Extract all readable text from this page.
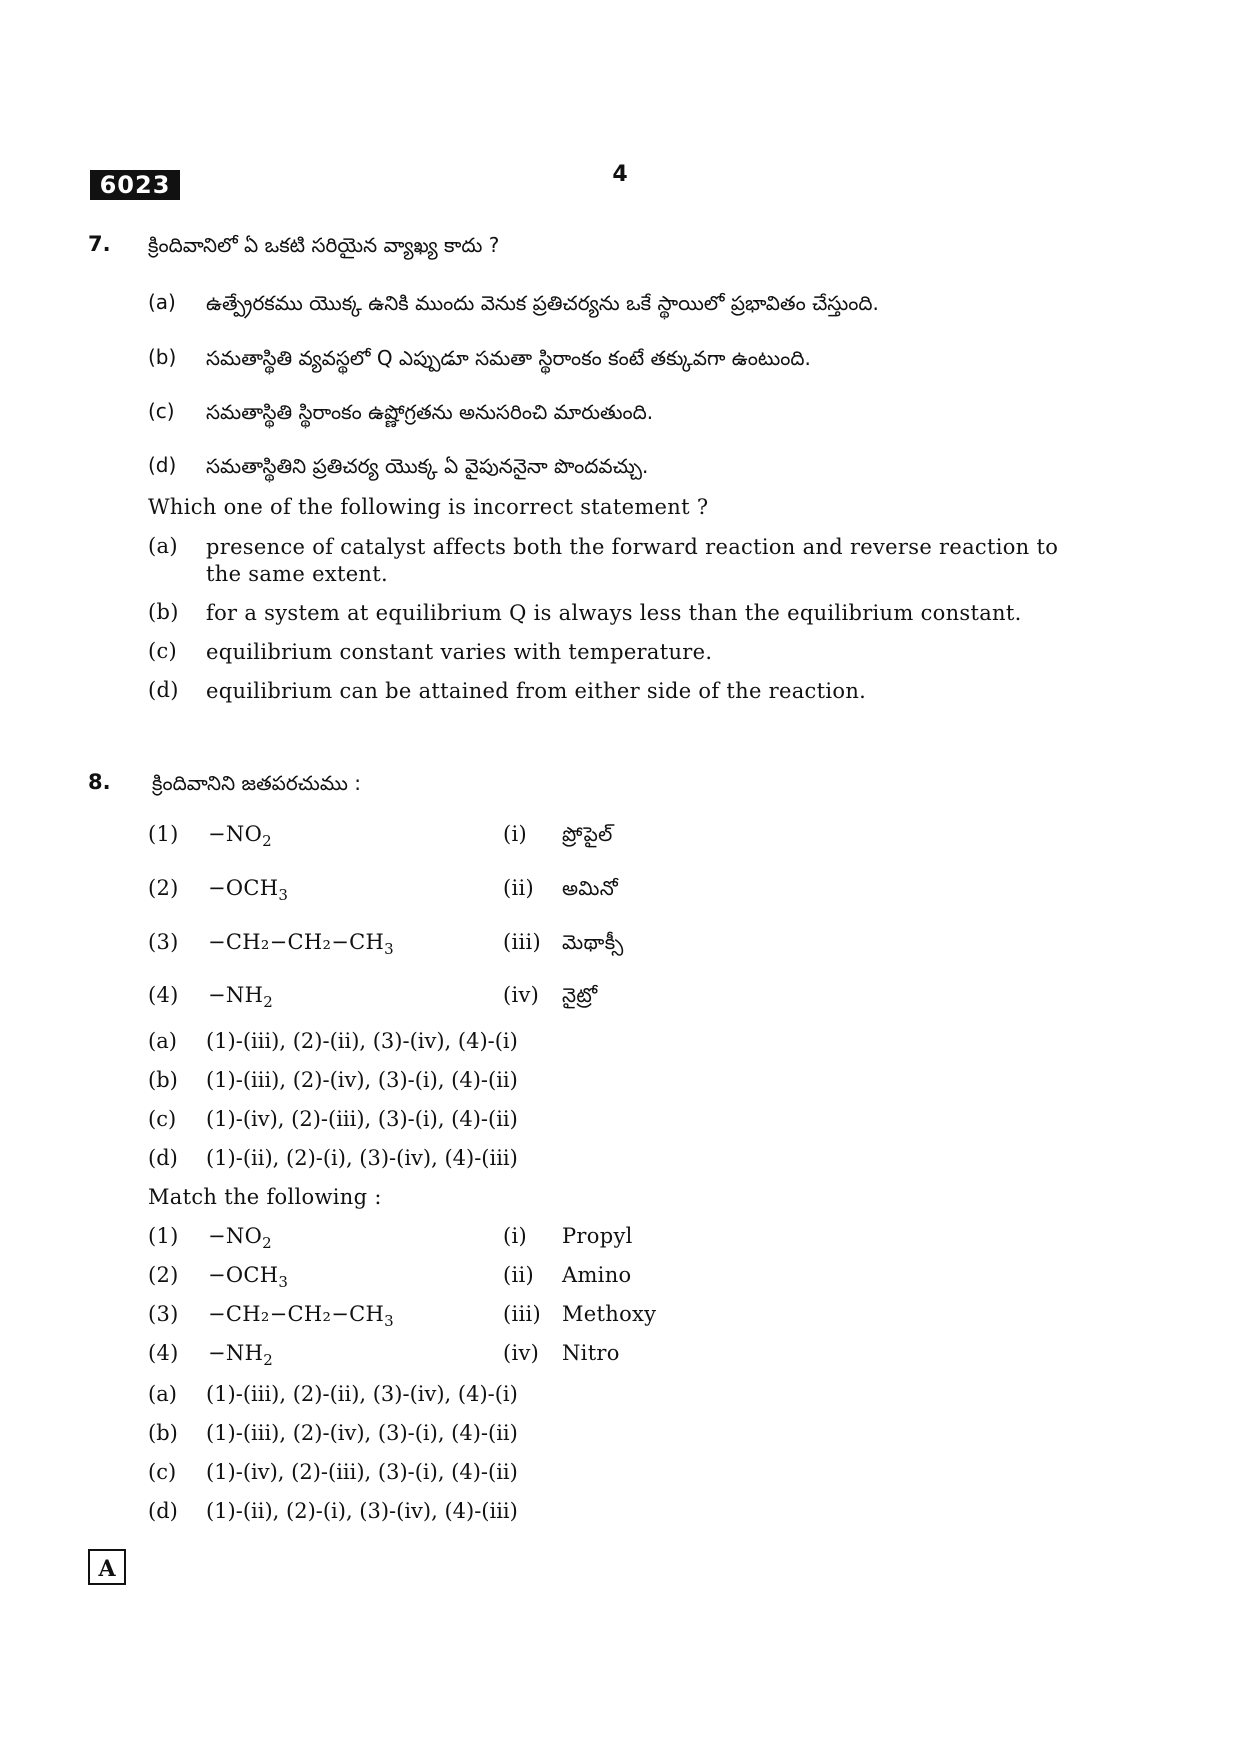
6023	4
7. క్రిందివానిలో ఏ ఒకటి సరియైన వ్యాఖ్య కాదు ?
(a)	ఉత్ప్రేరకము యొక్క ఉనికి ముందు వెనుక ప్రతిచర్యను ఒకే స్థాయిలో ప్రభావితం చేస్తుంది.
(b)	సమతాస్థితి వ్యవస్థలో Q ఎప్పుడూ సమతా స్థిరాంకం కంటే తక్కువగా ఉంటుంది.
(c)	సమతాస్థితి స్థిరాంకం ఉష్ణోగ్రతను అనుసరించి మారుతుంది.
(d)	సమతాస్థితిని ప్రతిచర్య యొక్క ఏ వైపుననైనా పొందవచ్చు.
Which one of the following is incorrect statement ?
(a)	presence of catalyst affects both the forward reaction and reverse reaction to the same extent.
(b)	for a system at equilibrium Q is always less than the equilibrium constant.
(c)	equilibrium constant varies with temperature.
(d)	equilibrium can be attained from either side of the reaction.
8. క్రిందివానిని జతపరచుము :
$(1) -NO_2$	(i) ప్రోపైల్
$(2) -OCH_3$	(ii) అమినో
$(3) -CH_2-CH_2-CH_3$	(iii) మెథాక్సీ
$(4) -NH_2$	(iv) నైట్రో
(a)	(1)-(iii), (2)-(ii), (3)-(iv), (4)-(i)
(b)	(1)-(iii), (2)-(iv), (3)-(i), (4)-(ii)
(c)	(1)-(iv), (2)-(iii), (3)-(i), (4)-(ii)
(d)	(1)-(ii), (2)-(i), (3)-(iv), (4)-(iii)
Match the following :
$(1) -NO_2$	(i) Propyl
$(2) -OCH_3$	(ii) Amino
$(3) -CH_2-CH_2-CH_3$	(iii) Methoxy
$(4) -NH_2$	(iv) Nitro
(a)	(1)-(iii), (2)-(ii), (3)-(iv), (4)-(i)
(b)	(1)-(iii), (2)-(iv), (3)-(i), (4)-(ii)
(c)	(1)-(iv), (2)-(iii), (3)-(i), (4)-(ii)
(d)	(1)-(ii), (2)-(i), (3)-(iv), (4)-(iii)
A
